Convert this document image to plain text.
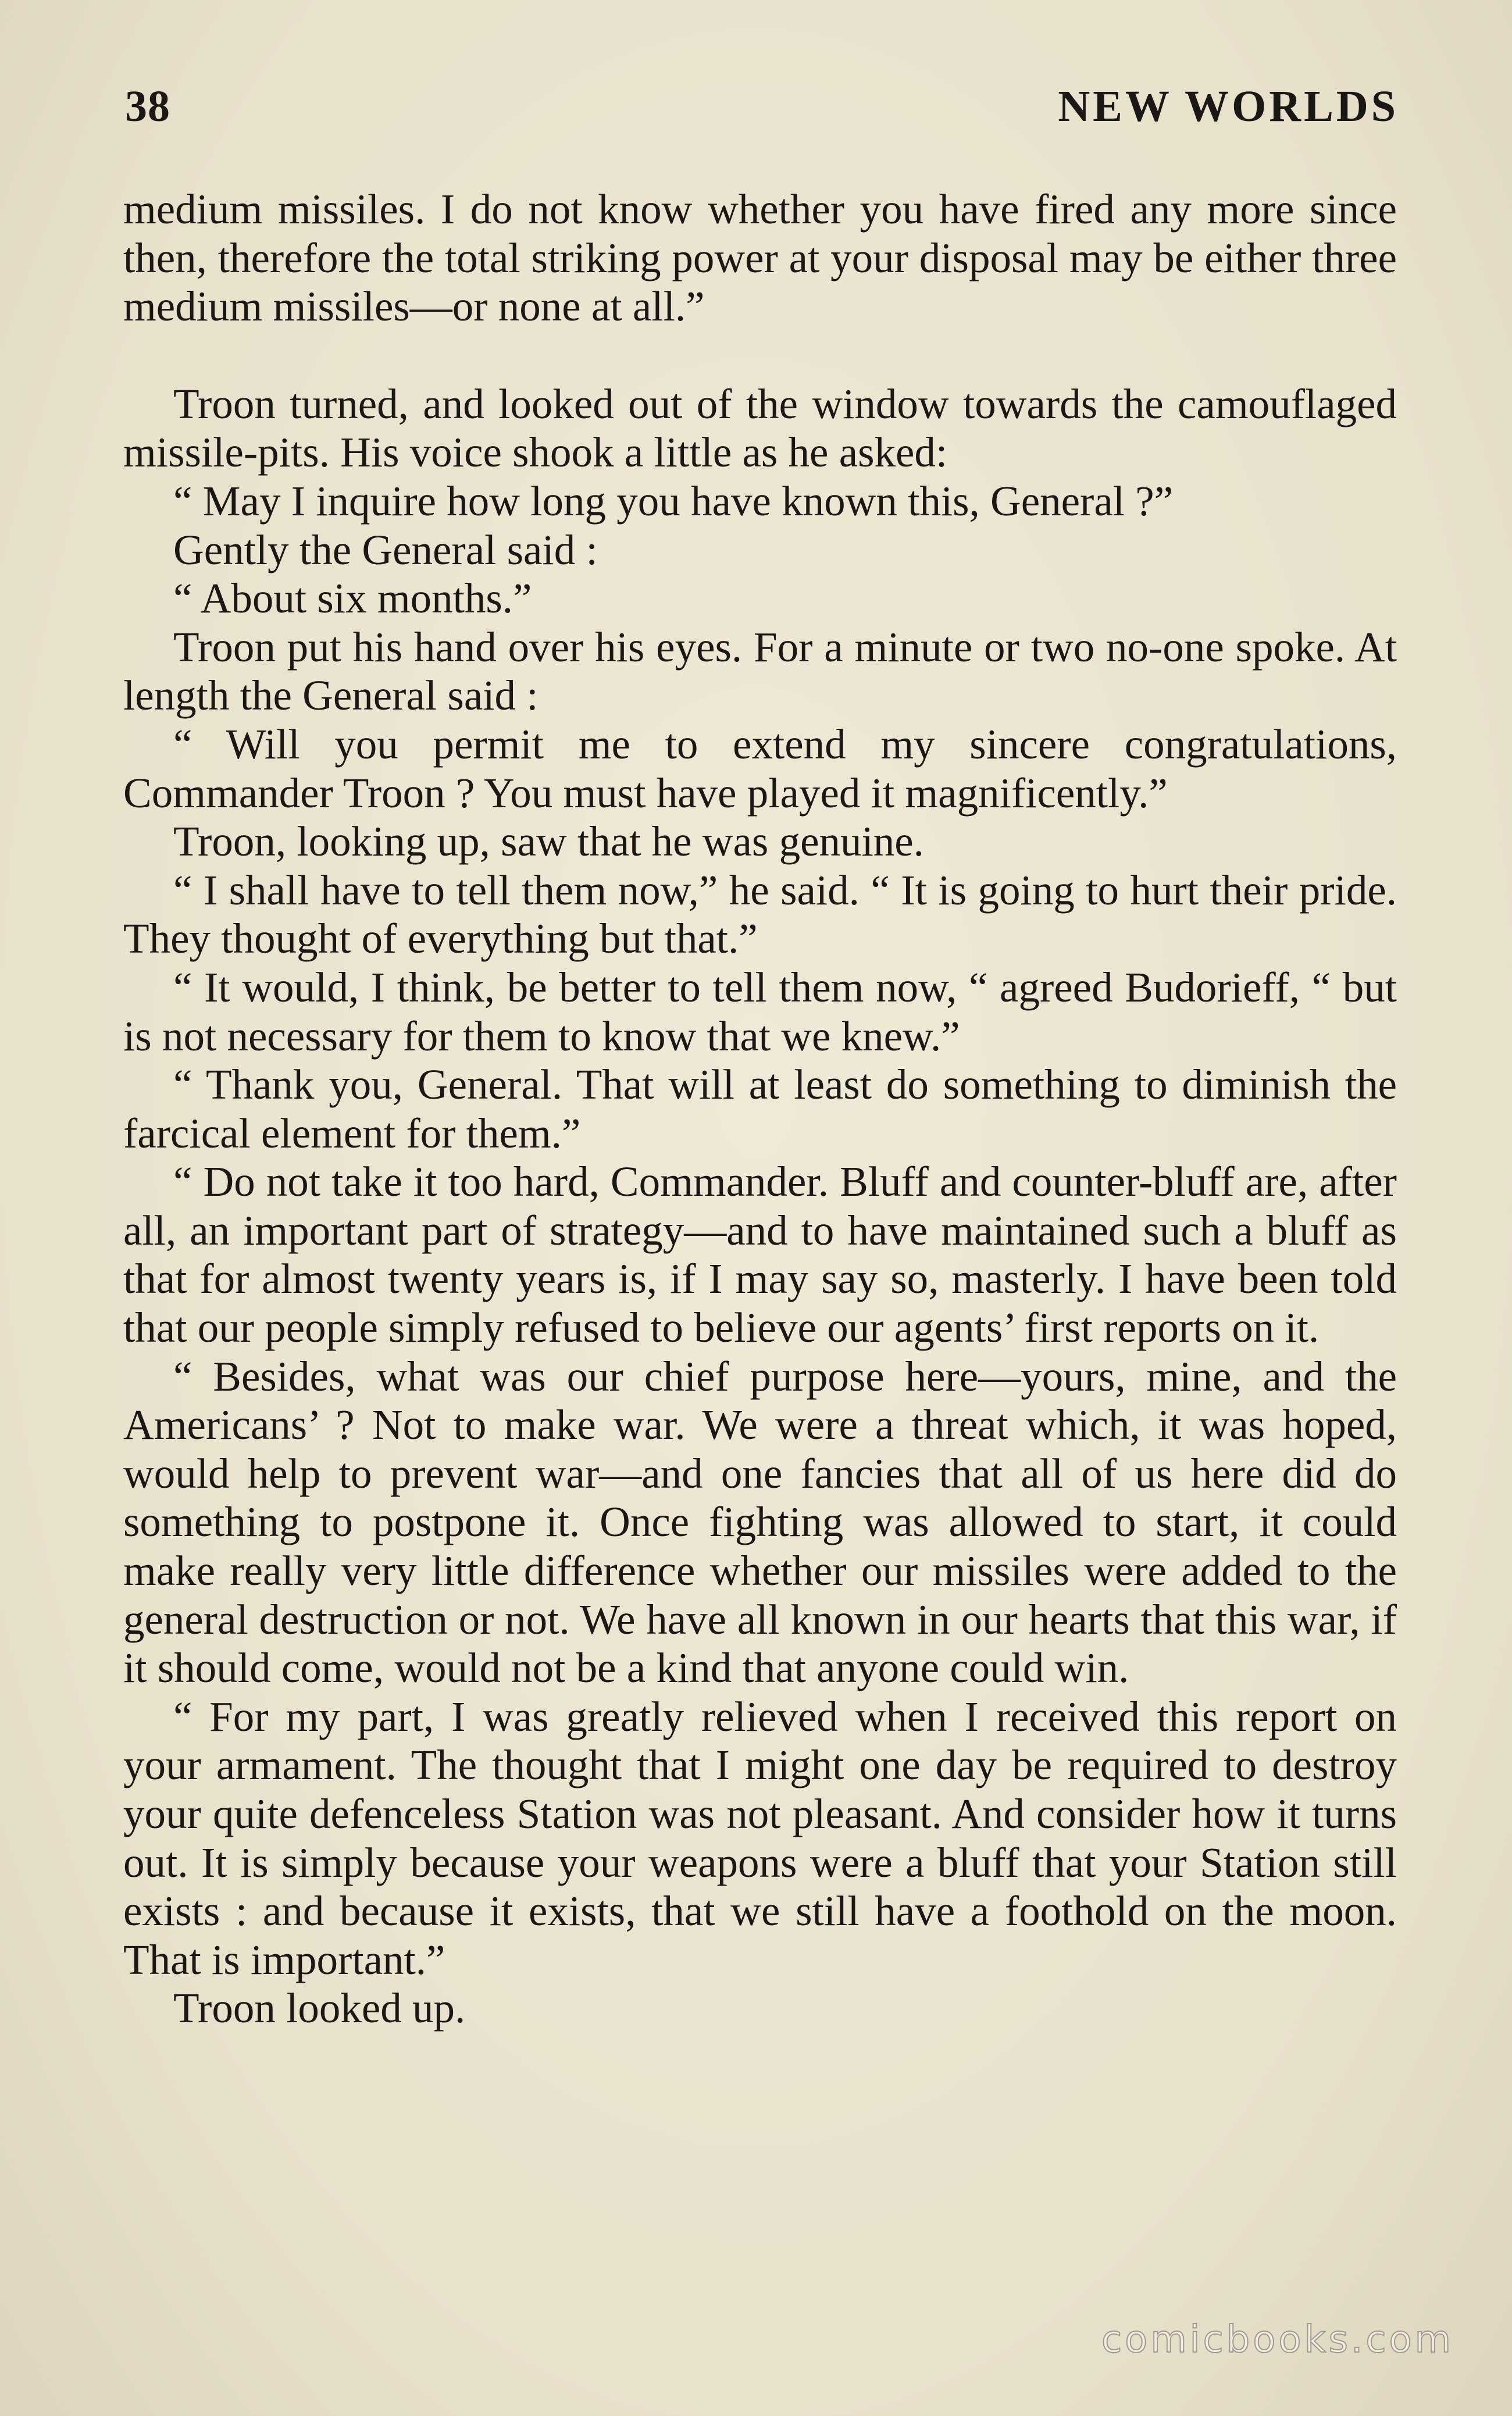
38	NEW WORLDS

medium missiles. I do not know whether you have fired any more since then, therefore the total striking power at your disposal may be either three medium missiles—or none at all.”

Troon turned, and looked out of the window towards the camouflaged missile-pits. His voice shook a little as he asked:

“ May I inquire how long you have known this, General ?”

Gently the General said :

“ About six months.”

Troon put his hand over his eyes. For a minute or two no-one spoke. At length the General said :

“ Will you permit me to extend my sincere congratulations, Commander Troon ? You must have played it magnificently.”

Troon, looking up, saw that he was genuine.

“ I shall have to tell them now,” he said. “ It is going to hurt their pride. They thought of everything but that.”

“ It would, I think, be better to tell them now, “ agreed Budorieff, “ but is not necessary for them to know that we knew.”

“ Thank you, General. That will at least do something to diminish the farcical element for them.”

“ Do not take it too hard, Commander. Bluff and counter-bluff are, after all, an important part of strategy—and to have maintained such a bluff as that for almost twenty years is, if I may say so, masterly. I have been told that our people simply refused to believe our agents’ first reports on it.

“ Besides, what was our chief purpose here—yours, mine, and the Americans’ ? Not to make war. We were a threat which, it was hoped, would help to prevent war—and one fancies that all of us here did do something to postpone it. Once fighting was allowed to start, it could make really very little difference whether our missiles were added to the general destruction or not. We have all known in our hearts that this war, if it should come, would not be a kind that anyone could win.

“ For my part, I was greatly relieved when I received this report on your armament. The thought that I might one day be required to destroy your quite defenceless Station was not pleasant. And consider how it turns out. It is simply because your weapons were a bluff that your Station still exists : and because it exists, that we still have a foothold on the moon. That is important.”

Troon looked up.

comicbooks.com
